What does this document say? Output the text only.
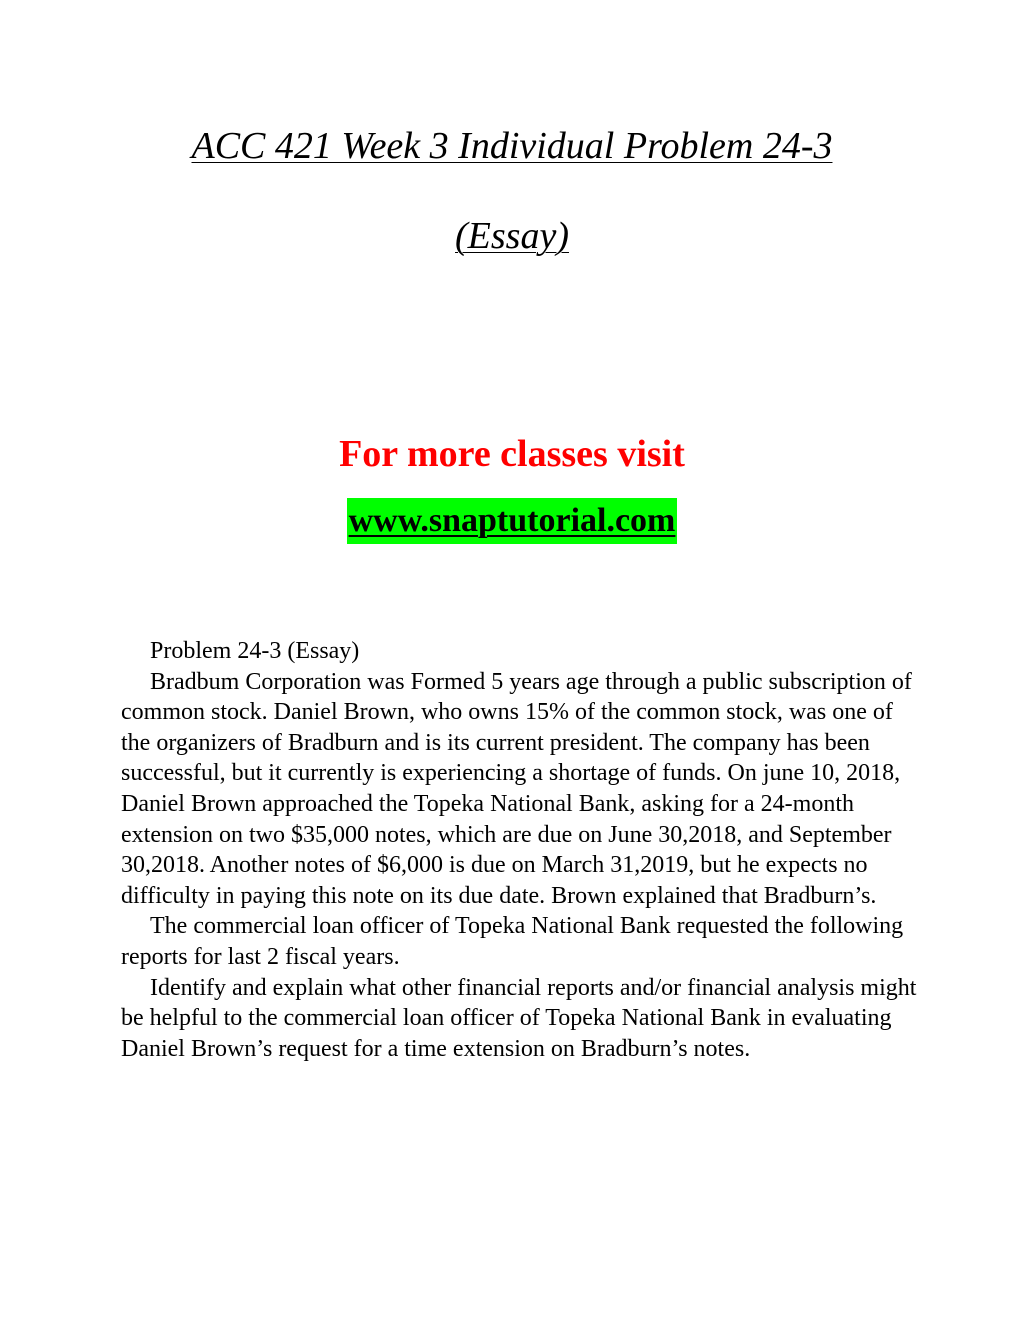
ACC 421 Week 3 Individual Problem 24-3
(Essay)
For more classes visit
www.snaptutorial.com

Problem 24-3 (Essay)

Bradbum Corporation was Formed 5 years age through a public subscription of common stock. Daniel Brown, who owns 15% of the common stock, was one of the organizers of Bradburn and is its current president. The company has been successful, but it currently is experiencing a shortage of funds. On june 10, 2018, Daniel Brown approached the Topeka National Bank, asking for a 24-month extension on two $35,000 notes, which are due on June 30,2018, and September 30,2018. Another notes of $6,000 is due on March 31,2019, but he expects no difficulty in paying this note on its due date. Brown explained that Bradburn’s.

The commercial loan officer of Topeka National Bank requested the following reports for last 2 fiscal years.

Identify and explain what other financial reports and/or financial analysis might be helpful to the commercial loan officer of Topeka National Bank in evaluating Daniel Brown’s request for a time extension on Bradburn’s notes.
